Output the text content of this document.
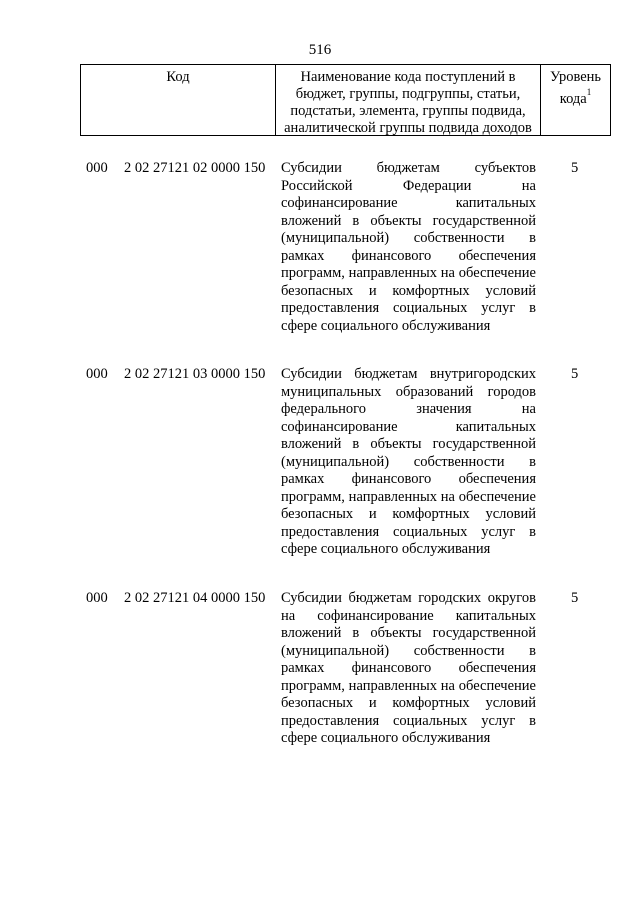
516
Код	Наименование кода поступлений в бюджет, группы, подгруппы, статьи, подстатьи, элемента, группы подвида, аналитической группы подвида доходов
Уровень кода$^1$
000 2 02 27121 02 0000 150 Субсидии бюджетам субъектов Российской Федерации на софинансирование капитальных вложений в объекты государственной (муниципальной) собственности в рамках финансового обеспечения программ, направленных на обеспечение безопасных и комфортных условий предоставления социальных услуг в сфере социального обслуживания
5
000 2 02 27121 03 0000 150 Субсидии бюджетам внутригородских муниципальных образований городов федерального значения на софинансирование капитальных вложений в объекты государственной (муниципальной) собственности в рамках финансового обеспечения программ, направленных на обеспечение безопасных и комфортных условий предоставления социальных услуг в сфере социального обслуживания
5
000 2 02 27121 04 0000 150 Субсидии бюджетам городских округов на софинансирование капитальных вложений в объекты государственной (муниципальной) собственности в рамках финансового обеспечения программ, направленных на обеспечение безопасных и комфортных условий предоставления социальных услуг в сфере социального обслуживания
5
